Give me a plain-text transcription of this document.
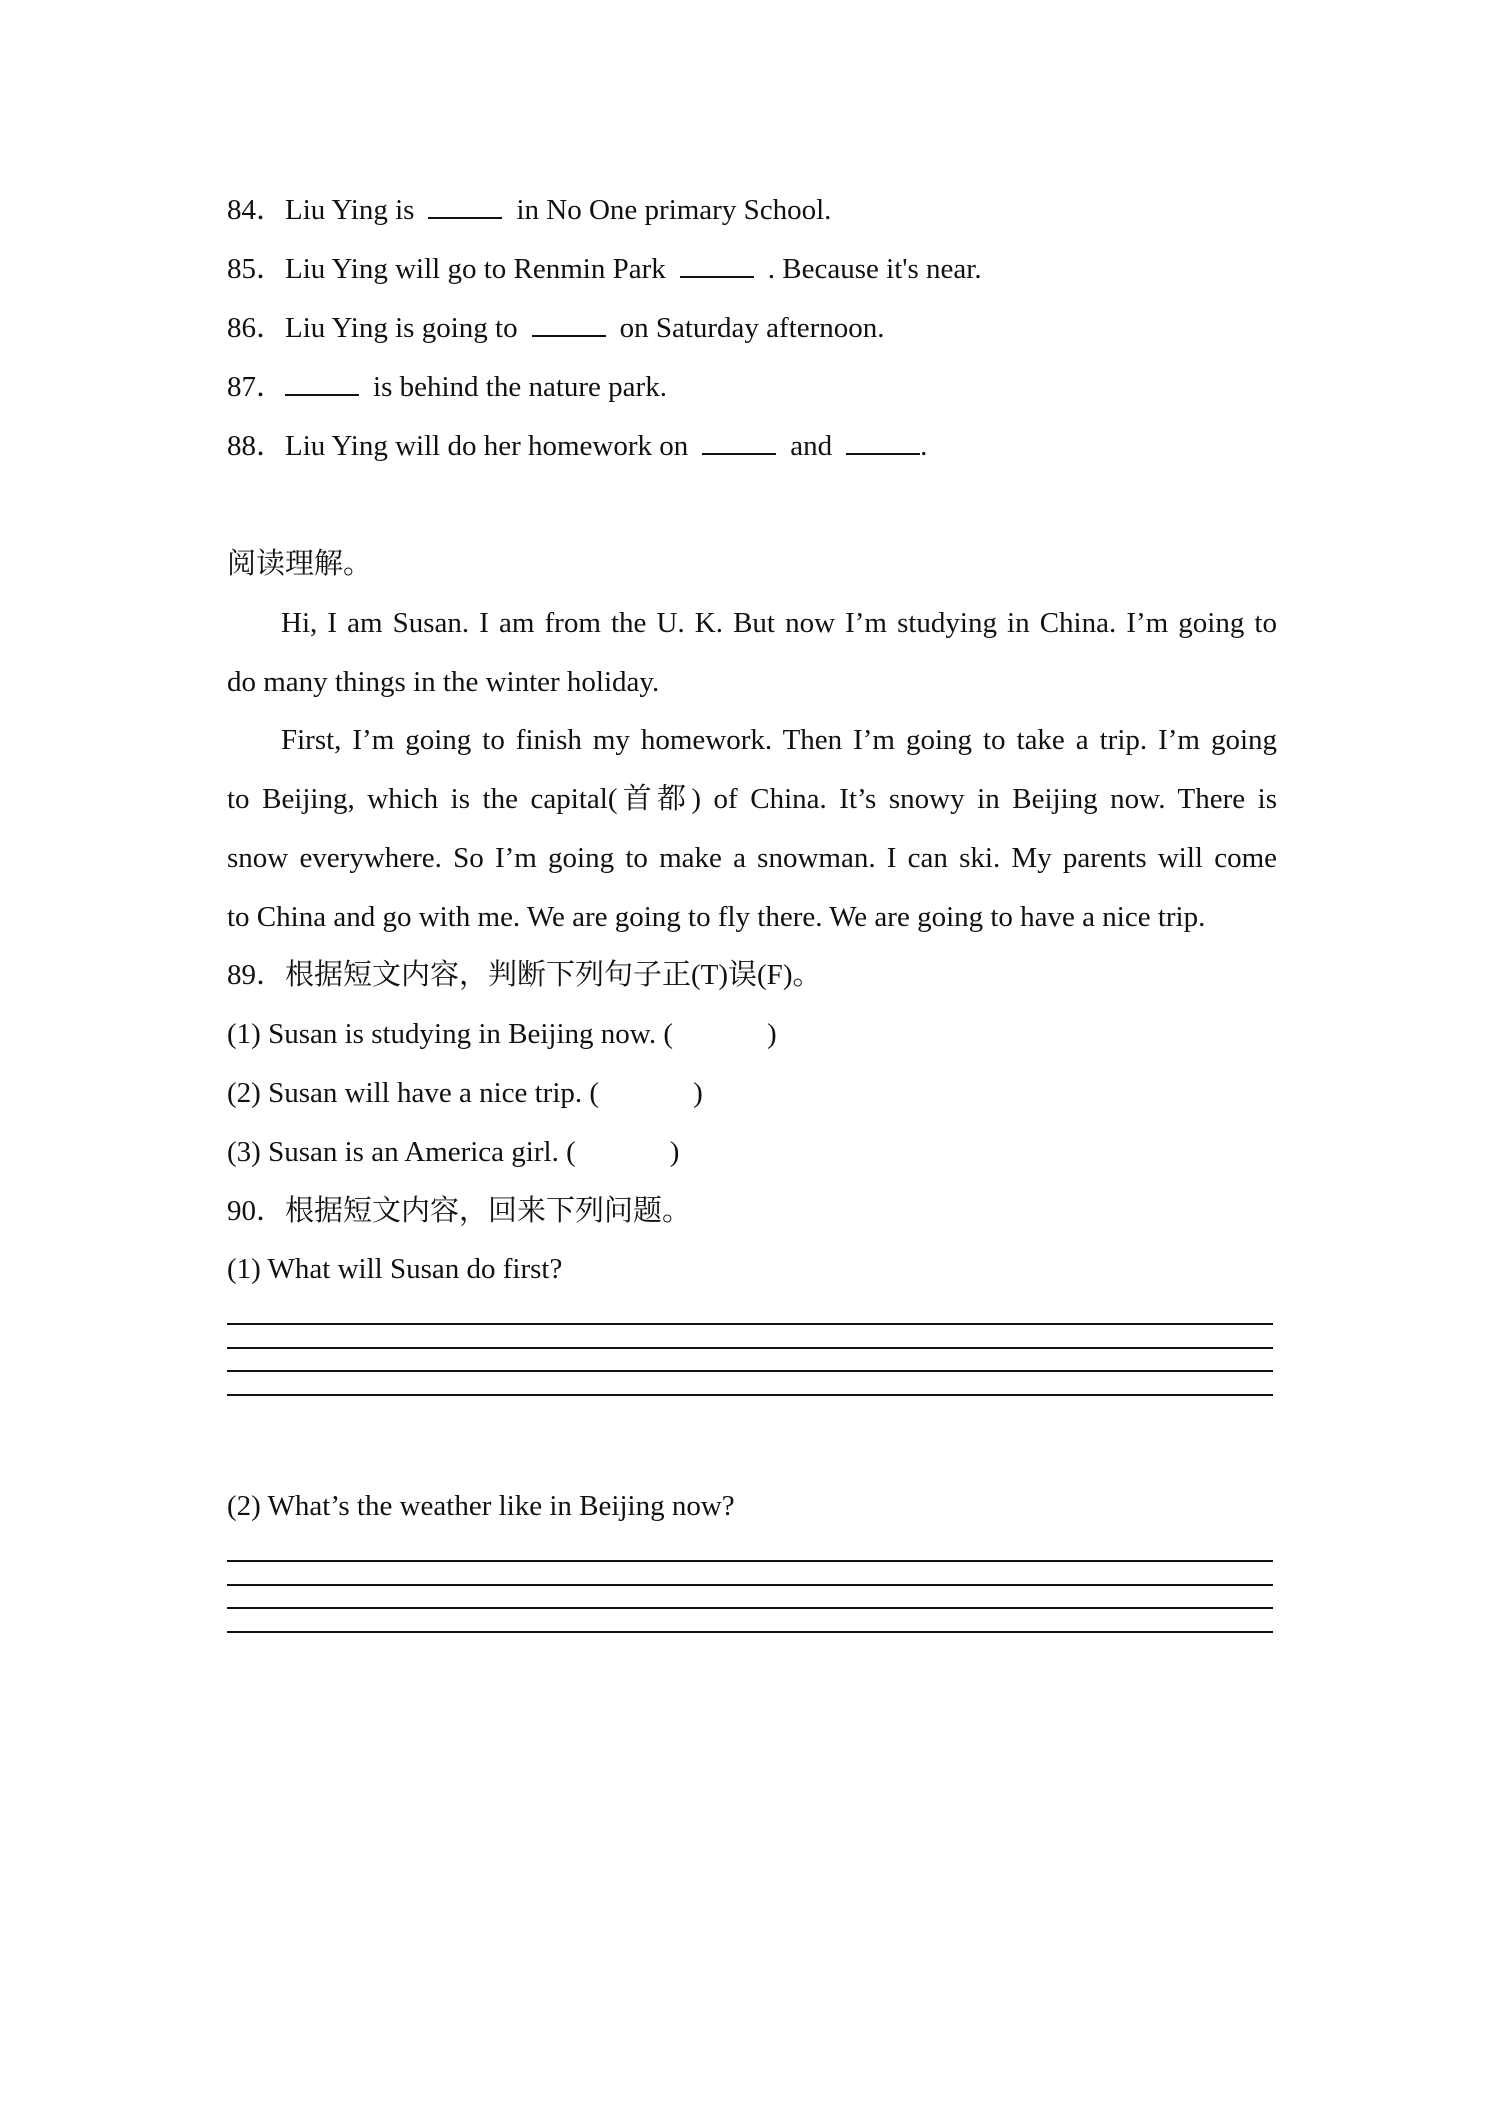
84．Liu Ying is	in No One primary School.
85．Liu Ying will go to Renmin Park	. Because it's near.
86．Liu Ying is going to	on Saturday afternoon.
87．	is behind the nature park.
88．Liu Ying will do her homework on	and	.
阅读理解。
Hi, I am Susan. I am from the U. K. But now I’m studying in China. I’m going to
do many things in the winter holiday.
First, I’m going to finish my homework. Then I’m going to take a trip. I’m going
to Beijing, which is the capital(首都) of China. It’s snowy in Beijing now. There is
snow everywhere. So I’m going to make a snowman. I can ski. My parents will come
to China and go with me. We are going to fly there. We are going to have a nice trip.
89．根据短文内容，判断下列句子正(T)误(F)。
(1) Susan is studying in Beijing now. (	)
(2) Susan will have a nice trip. (	)
(3) Susan is an America girl. (	)
90．根据短文内容，回来下列问题。
(1) What will Susan do first?
(2) What’s the weather like in Beijing now?
